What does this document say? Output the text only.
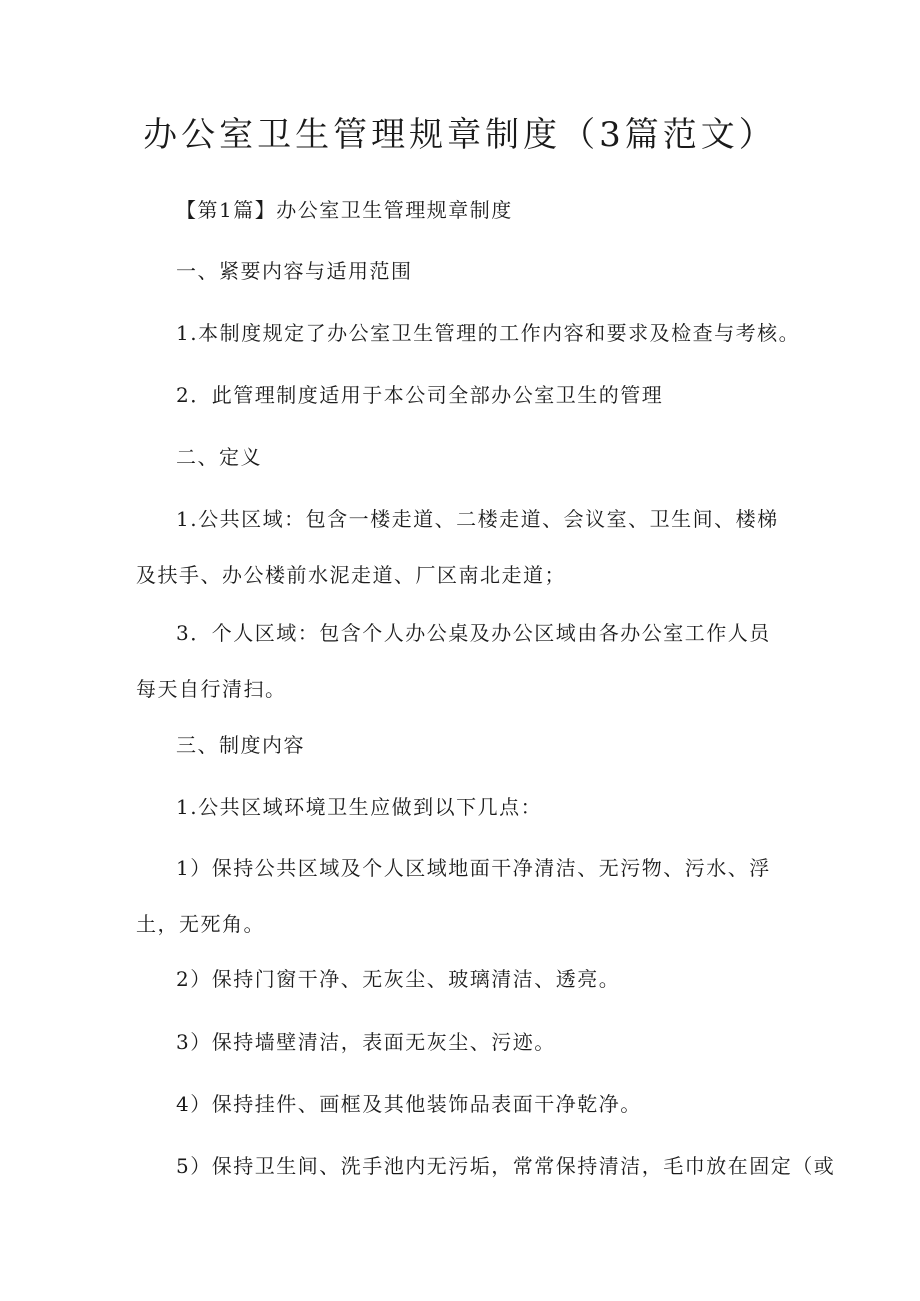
办公室卫生管理规章制度（3篇范文）
【第1篇】办公室卫生管理规章制度
一、紧要内容与适用范围
1.本制度规定了办公室卫生管理的工作内容和要求及检查与考核。
2．此管理制度适用于本公司全部办公室卫生的管理
二、定义
1.公共区域：包含一楼走道、二楼走道、会议室、卫生间、楼梯及扶手、办公楼前水泥走道、厂区南北走道；
3．个人区域：包含个人办公桌及办公区域由各办公室工作人员每天自行清扫。
三、制度内容
1.公共区域环境卫生应做到以下几点：
1）保持公共区域及个人区域地面干净清洁、无污物、污水、浮土，无死角。
2）保持门窗干净、无灰尘、玻璃清洁、透亮。
3）保持墙壁清洁，表面无灰尘、污迹。
4）保持挂件、画框及其他装饰品表面干净乾净。
5）保持卫生间、洗手池内无污垢，常常保持清洁，毛巾放在固定（或
